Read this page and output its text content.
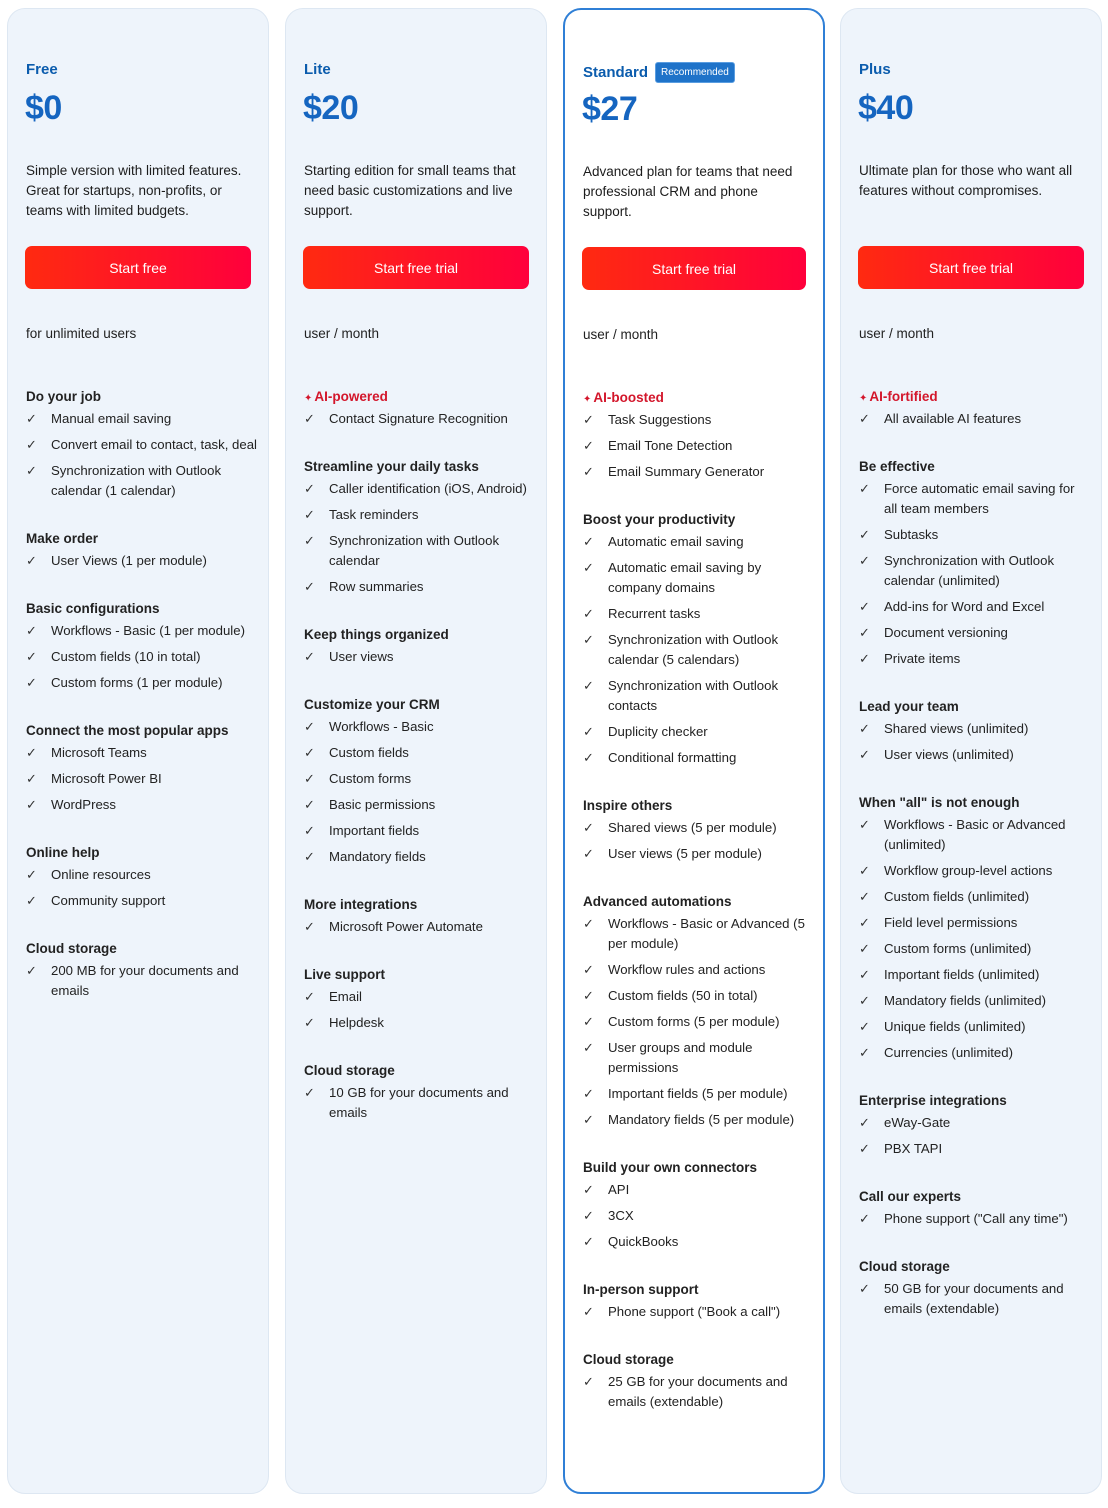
Free
$0
Simple version with limited features. Great for startups, non-profits, or teams with limited budgets.
Start free
for unlimited users
Do your job
✓	Manual email saving
✓	Convert email to contact, task, deal
✓	Synchronization with Outlook calendar (1 calendar)
Make order
✓	User Views (1 per module)
Basic configurations
✓	Workflows - Basic (1 per module)
✓	Custom fields (10 in total)
✓	Custom forms (1 per module)
Connect the most popular apps
✓	Microsoft Teams
✓	Microsoft Power BI
✓	WordPress
Online help
✓	Online resources
✓	Community support
Cloud storage
✓	200 MB for your documents and emails
Lite
$20
Starting edition for small teams that need basic customizations and live support.
Start free trial
user / month
✦ AI-powered
✓	Contact Signature Recognition
Streamline your daily tasks
✓	Caller identification (iOS, Android)
✓	Task reminders
✓	Synchronization with Outlook calendar
✓	Row summaries
Keep things organized
✓	User views
Customize your CRM
✓	Workflows - Basic
✓	Custom fields
✓	Custom forms
✓	Basic permissions
✓	Important fields
✓	Mandatory fields
More integrations
✓	Microsoft Power Automate
Live support
✓	Email
✓	Helpdesk
Cloud storage
✓	10 GB for your documents and emails
Standard	Recommended
$27
Advanced plan for teams that need professional CRM and phone support.
Start free trial
user / month
✦ AI-boosted
✓	Task Suggestions
✓	Email Tone Detection
✓	Email Summary Generator
Boost your productivity
✓	Automatic email saving
✓	Automatic email saving by company domains
✓	Recurrent tasks
✓	Synchronization with Outlook calendar (5 calendars)
✓	Synchronization with Outlook contacts
✓	Duplicity checker
✓	Conditional formatting
Inspire others
✓	Shared views (5 per module)
✓	User views (5 per module)
Advanced automations
✓	Workflows - Basic or Advanced (5 per module)
✓	Workflow rules and actions
✓	Custom fields (50 in total)
✓	Custom forms (5 per module)
✓	User groups and module permissions
✓	Important fields (5 per module)
✓	Mandatory fields (5 per module)
Build your own connectors
✓	API
✓	3CX
✓	QuickBooks
In-person support
✓	Phone support ("Book a call")
Cloud storage
✓	25 GB for your documents and emails (extendable)
Plus
$40
Ultimate plan for those who want all features without compromises.
Start free trial
user / month
✦ AI-fortified
✓	All available AI features
Be effective
✓	Force automatic email saving for all team members
✓	Subtasks
✓	Synchronization with Outlook calendar (unlimited)
✓	Add-ins for Word and Excel
✓	Document versioning
✓	Private items
Lead your team
✓	Shared views (unlimited)
✓	User views (unlimited)
When "all" is not enough
✓	Workflows - Basic or Advanced (unlimited)
✓	Workflow group-level actions
✓	Custom fields (unlimited)
✓	Field level permissions
✓	Custom forms (unlimited)
✓	Important fields (unlimited)
✓	Mandatory fields (unlimited)
✓	Unique fields (unlimited)
✓	Currencies (unlimited)
Enterprise integrations
✓	eWay-Gate
✓	PBX TAPI
Call our experts
✓	Phone support ("Call any time")
Cloud storage
✓	50 GB for your documents and emails (extendable)
